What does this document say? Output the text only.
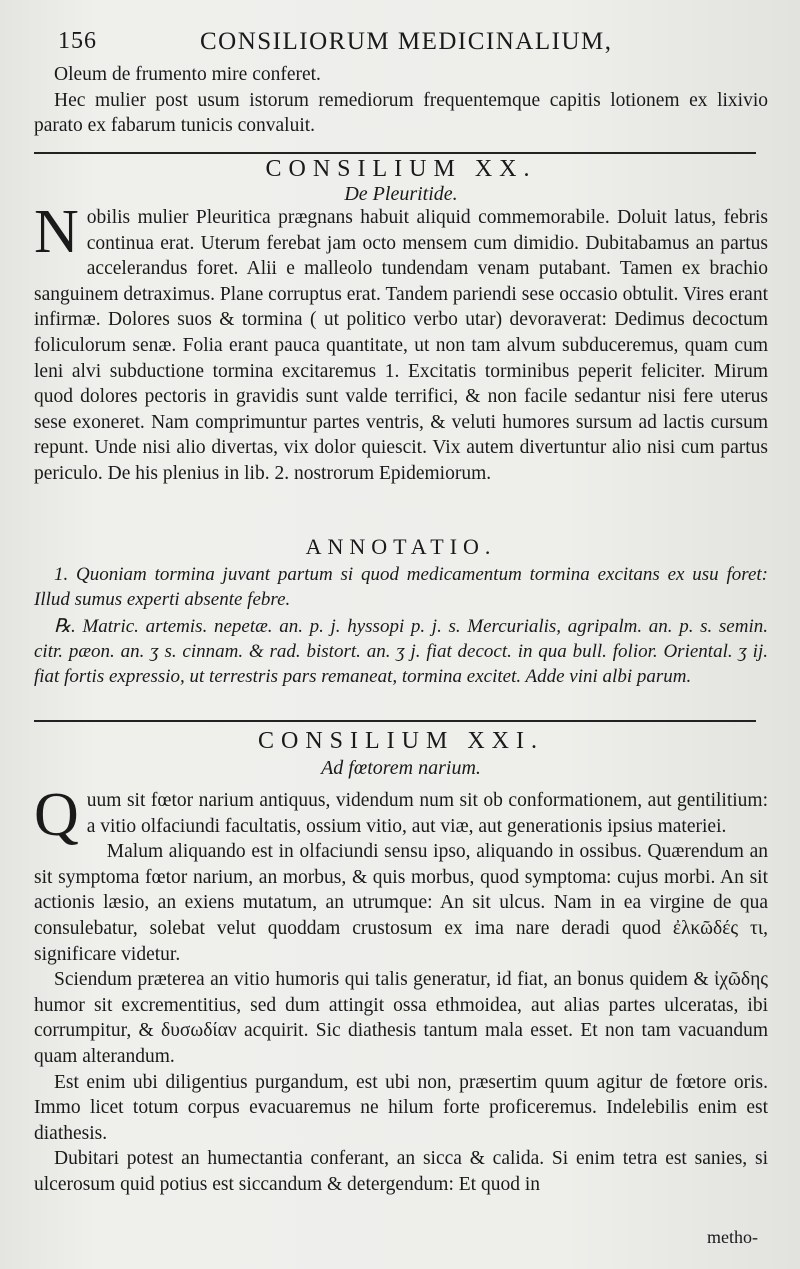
156	CONSILIORUM MEDICINALIUM,

Oleum de frumento mire conferet.

Hec mulier post usum istorum remediorum frequentemque capitis lotionem ex lixivio parato ex fabarum tunicis convaluit.

CONSILIUM XX.
De Pleuritide.

Nobilis mulier Pleuritica prægnans habuit aliquid commemorabile. Doluit latus, febris continua erat. Uterum ferebat jam octo mensem cum dimidio. Dubitabamus an partus accelerandus foret. Alii e malleolo tundendam venam putabant. Tamen ex brachio sanguinem detraximus. Plane corruptus erat. Tandem pariendi sese occasio obtulit. Vires erant infirmæ. Dolores suos & tormina ( ut politico verbo utar) devoraverat: Dedimus decoctum foliculorum senæ. Folia erant pauca quantitate, ut non tam alvum subduceremus, quam cum leni alvi subductione tormina excitaremus 1. Excitatis torminibus peperit feliciter. Mirum quod dolores pectoris in gravidis sunt valde terrifici, & non facile sedantur nisi fere uterus sese exoneret. Nam comprimuntur partes ventris, & veluti humores sursum ad lactis cursum repunt. Unde nisi alio divertas, vix dolor quiescit. Vix autem divertuntur alio nisi cum partus periculo. De his plenius in lib. 2. nostrorum Epidemiorum.

ANNOTATIO.

1. Quoniam tormina juvant partum si quod medicamentum tormina excitans ex usu foret: Illud sumus experti absente febre.

℞. Matric. artemis. nepetæ. an. p. j. hyssopi p. j. s. Mercurialis, agripalm. an. p. s. semin. citr. pæon. an. ʒ s. cinnam. & rad. bistort. an. ʒ j. fiat decoct. in qua bull. folior. Oriental. ʒ ij. fiat fortis expressio, ut terrestris pars remaneat, tormina excitet. Adde vini albi parum.

CONSILIUM XXI.
Ad fœtorem narium.

Quum sit fœtor narium antiquus, videndum num sit ob conformationem, aut gentilitium: a vitio olfaciundi facultatis, ossium vitio, aut viæ, aut generationis ipsius materiei.

Malum aliquando est in olfaciundi sensu ipso, aliquando in ossibus. Quærendum an sit symptoma fœtor narium, an morbus, & quis morbus, quod symptoma: cujus morbi. An sit actionis læsio, an exiens mutatum, an utrumque: An sit ulcus. Nam in ea virgine de qua consulebatur, solebat velut quoddam crustosum ex ima nare deradi quod ἐλκῶδές τι, significare videtur.

Sciendum præterea an vitio humoris qui talis generatur, id fiat, an bonus quidem & ἰχῶδης humor sit excrementitius, sed dum attingit ossa ethmoidea, aut alias partes ulceratas, ibi corrumpitur, & δυσωδίαν acquirit. Sic diathesis tantum mala esset. Et non tam vacuandum quam alterandum.

Est enim ubi diligentius purgandum, est ubi non, præsertim quum agitur de fœtore oris. Immo licet totum corpus evacuaremus ne hilum forte proficeremus. Indelebilis enim est diathesis.

Dubitari potest an humectantia conferant, an sicca & calida. Si enim tetra est sanies, si ulcerosum quid potius est siccandum & detergendum: Et quod in

metho-
